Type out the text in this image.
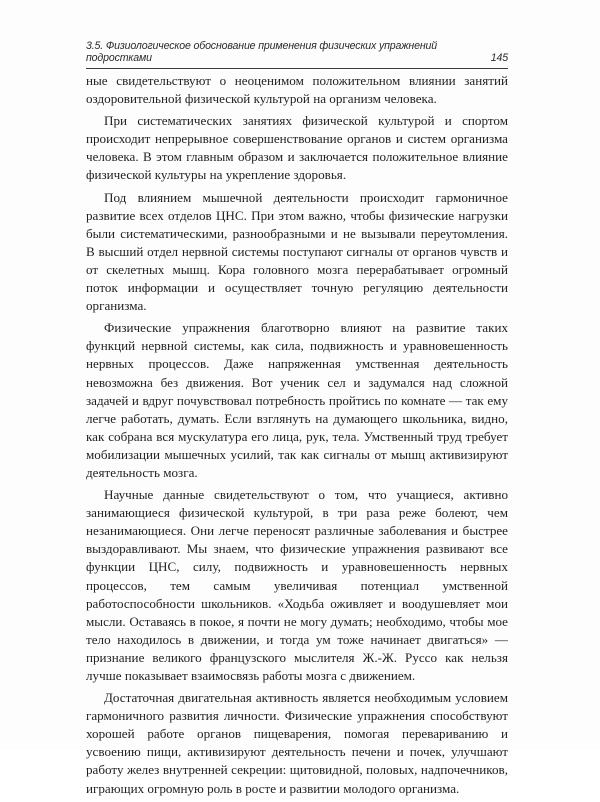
3.5. Физиологическое обоснование применения физических упражнений подростками	145

ные свидетельствуют о неоценимом положительном влиянии занятий оздоровительной физической культурой на организм человека.

При систематических занятиях физической культурой и спортом происходит непрерывное совершенствование органов и систем организма человека. В этом главным образом и заключается положительное влияние физической культуры на укрепление здоровья.

Под влиянием мышечной деятельности происходит гармоничное развитие всех отделов ЦНС. При этом важно, чтобы физические нагрузки были систематическими, разнообразными и не вызывали переутомления. В высший отдел нервной системы поступают сигналы от органов чувств и от скелетных мышц. Кора головного мозга перерабатывает огромный поток информации и осуществляет точную регуляцию деятельности организма.

Физические упражнения благотворно влияют на развитие таких функций нервной системы, как сила, подвижность и уравновешенность нервных процессов. Даже напряженная умственная деятельность невозможна без движения. Вот ученик сел и задумался над сложной задачей и вдруг почувствовал потребность пройтись по комнате — так ему легче работать, думать. Если взглянуть на думающего школьника, видно, как собрана вся мускулатура его лица, рук, тела. Умственный труд требует мобилизации мышечных усилий, так как сигналы от мышц активизируют деятельность мозга.

Научные данные свидетельствуют о том, что учащиеся, активно занимающиеся физической культурой, в три раза реже болеют, чем незанимающиеся. Они легче переносят различные заболевания и быстрее выздоравливают. Мы знаем, что физические упражнения развивают все функции ЦНС, силу, подвижность и уравновешенность нервных процессов, тем самым увеличивая потенциал умственной работоспособности школьников. «Ходьба оживляет и воодушевляет мои мысли. Оставаясь в покое, я почти не могу думать; необходимо, чтобы мое тело находилось в движении, и тогда ум тоже начинает двигаться» — признание великого французского мыслителя Ж.-Ж. Руссо как нельзя лучше показывает взаимосвязь работы мозга с движением.

Достаточная двигательная активность является необходимым условием гармоничного развития личности. Физические упражнения способствуют хорошей работе органов пищеварения, помогая перевариванию и усвоению пищи, активизируют деятельность печени и почек, улучшают работу желез внутренней секреции: щитовидной, половых, надпочечников, играющих огромную роль в росте и развитии молодого организма.
